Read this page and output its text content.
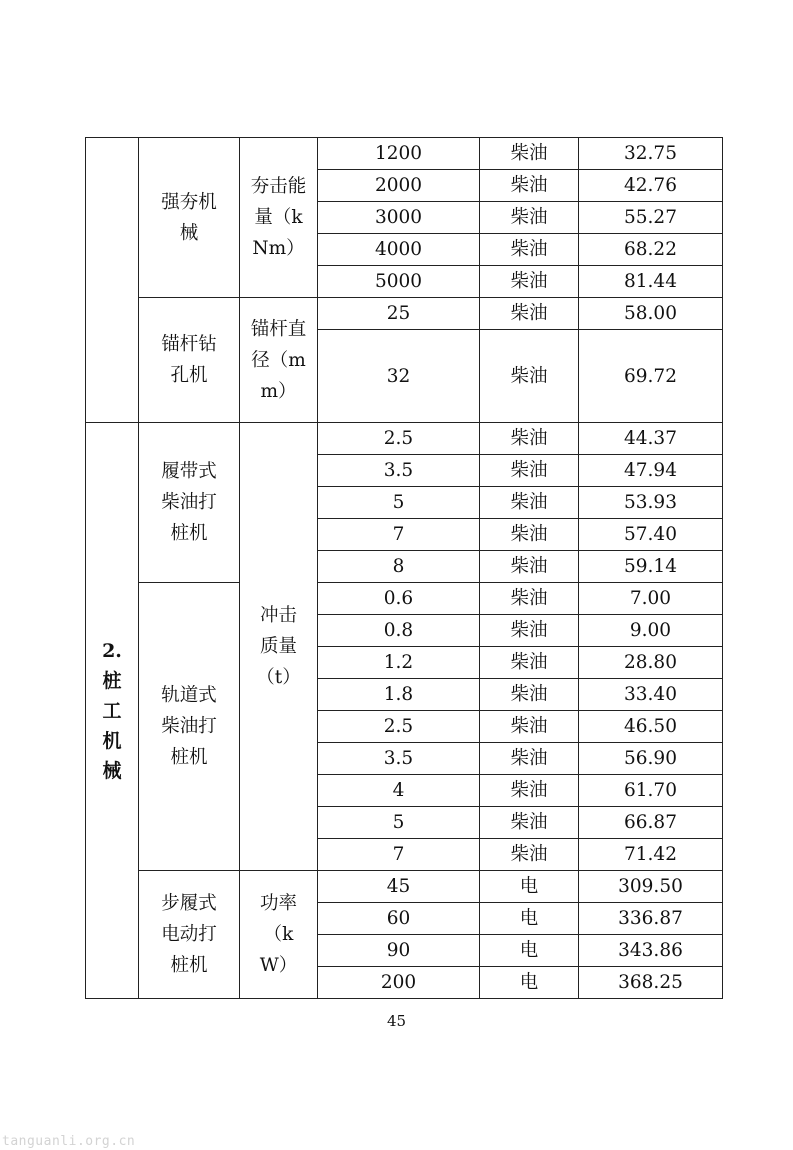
	强夯机械	夯击能量（kNm）	1200	柴油	32.75
			2000	柴油	42.76
			3000	柴油	55.27
			4000	柴油	68.22
			5000	柴油	81.44
	锚杆钻孔机	锚杆直径（mm）	25	柴油	58.00
			32	柴油	69.72

2.桩工机械	履带式柴油打桩机	冲击质量（t）	2.5	柴油	44.37
			3.5	柴油	47.94
			5	柴油	53.93
			7	柴油	57.40
			8	柴油	59.14
	轨道式柴油打桩机		0.6	柴油	7.00
			0.8	柴油	9.00
			1.2	柴油	28.80
			1.8	柴油	33.40
			2.5	柴油	46.50
			3.5	柴油	56.90
			4	柴油	61.70
			5	柴油	66.87
			7	柴油	71.42
	步履式电动打桩机	功率（kW）	45	电	309.50
			60	电	336.87
			90	电	343.86
			200	电	368.25
45
tanguanli.org.cn
